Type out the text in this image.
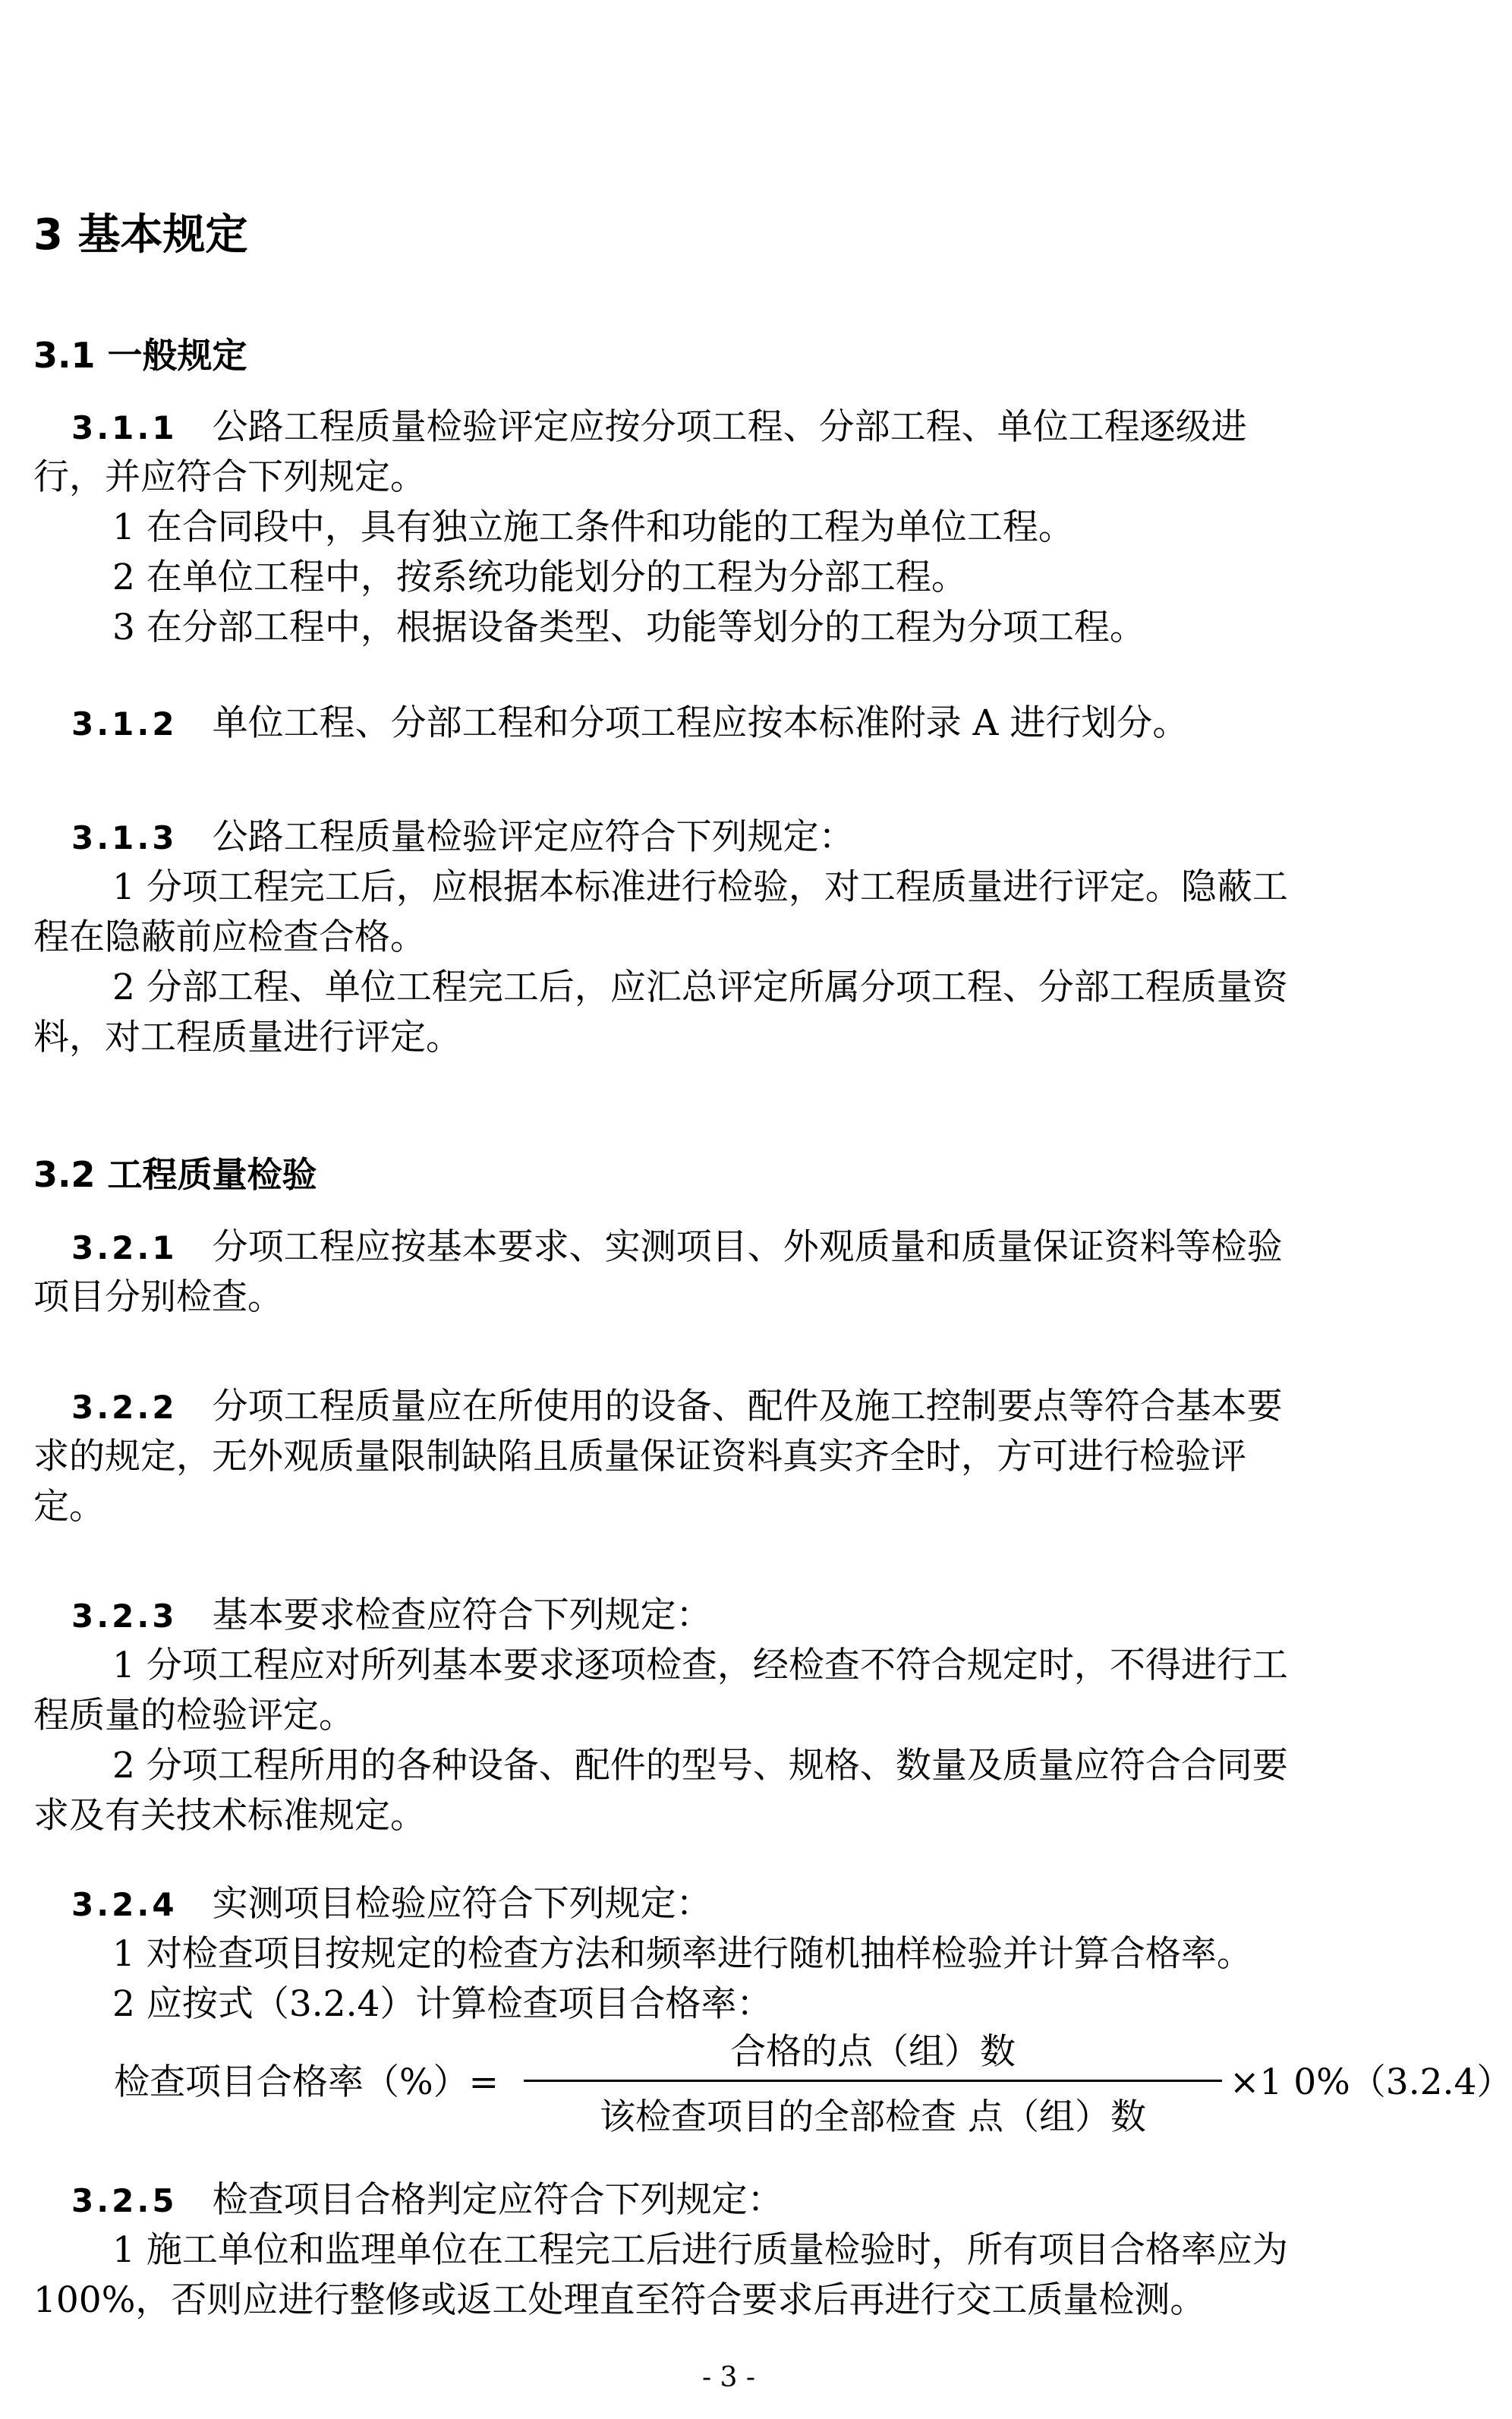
3 基本规定
3.1 一般规定
3.1.1 公路工程质量检验评定应按分项工程、分部工程、单位工程逐级进
行，并应符合下列规定。
1 在合同段中，具有独立施工条件和功能的工程为单位工程。
2 在单位工程中，按系统功能划分的工程为分部工程。
3 在分部工程中，根据设备类型、功能等划分的工程为分项工程。
3.1.2 单位工程、分部工程和分项工程应按本标准附录 A 进行划分。
3.1.3 公路工程质量检验评定应符合下列规定：
1 分项工程完工后，应根据本标准进行检验，对工程质量进行评定。隐蔽工
程在隐蔽前应检查合格。
2 分部工程、单位工程完工后，应汇总评定所属分项工程、分部工程质量资
料，对工程质量进行评定。
3.2 工程质量检验
3.2.1 分项工程应按基本要求、实测项目、外观质量和质量保证资料等检验
项目分别检查。
3.2.2 分项工程质量应在所使用的设备、配件及施工控制要点等符合基本要
求的规定，无外观质量限制缺陷且质量保证资料真实齐全时，方可进行检验评
定。
3.2.3 基本要求检查应符合下列规定：
1 分项工程应对所列基本要求逐项检查，经检查不符合规定时，不得进行工
程质量的检验评定。
2 分项工程所用的各种设备、配件的型号、规格、数量及质量应符合合同要
求及有关技术标准规定。
3.2.4 实测项目检验应符合下列规定：
1 对检查项目按规定的检查方法和频率进行随机抽样检验并计算合格率。
2 应按式（3.2.4）计算检查项目合格率：
检查项目合格率（%）=
合格的点（组）数
该检查项目的全部检查 点（组）数
×1 0%（3.2.4）
3.2.5 检查项目合格判定应符合下列规定：
1 施工单位和监理单位在工程完工后进行质量检验时，所有项目合格率应为
100%，否则应进行整修或返工处理直至符合要求后再进行交工质量检测。
- 3 -
